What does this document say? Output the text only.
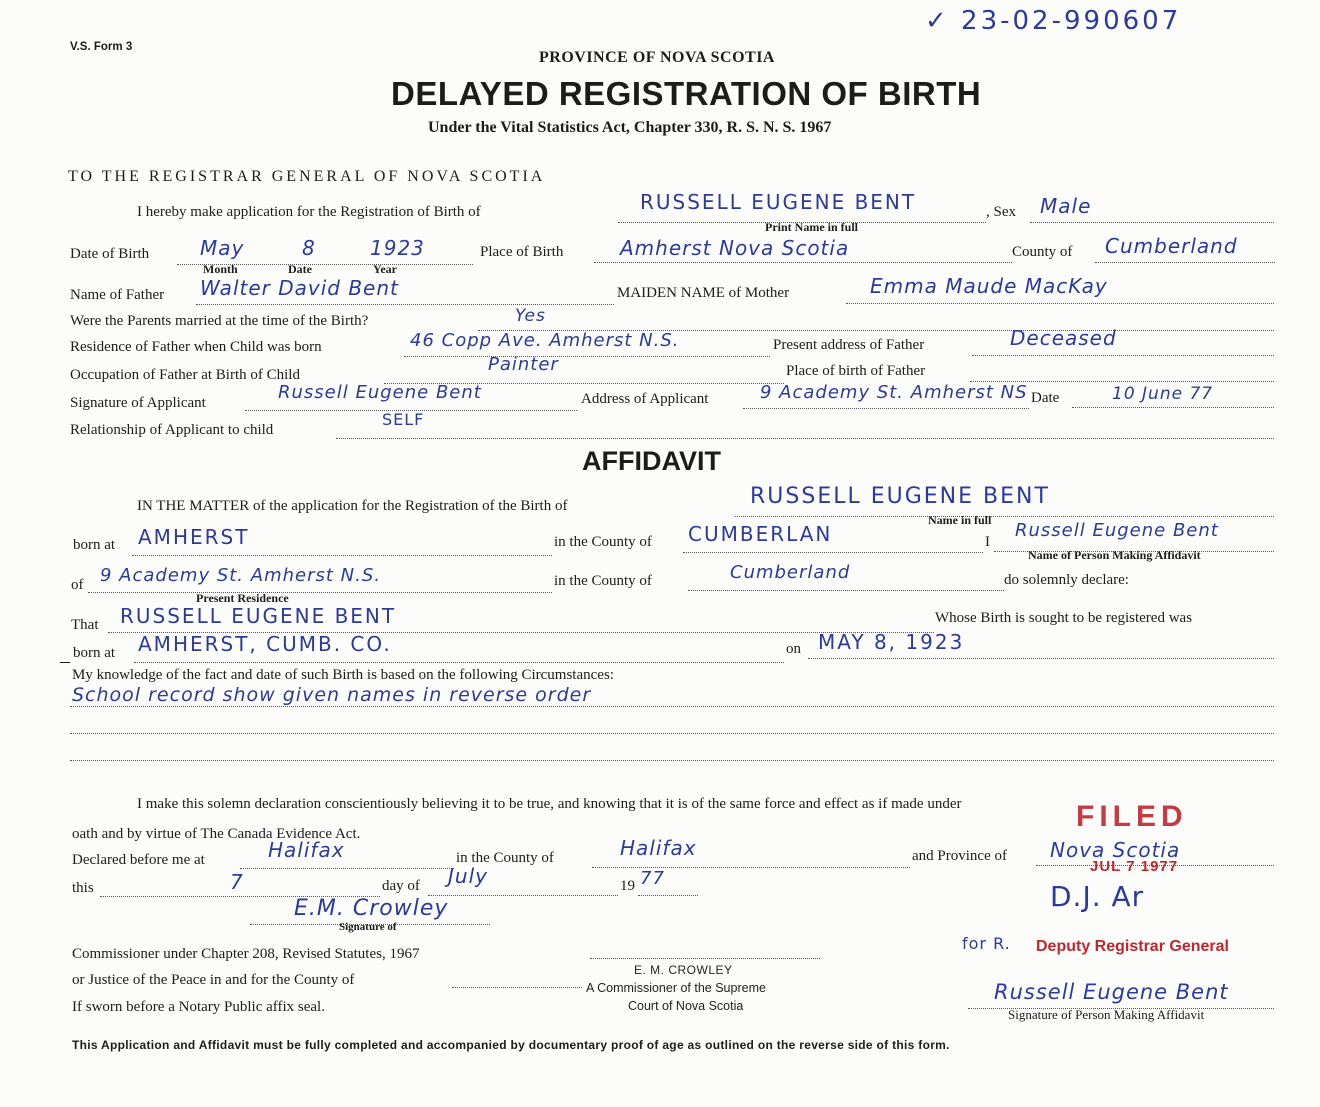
V.S. Form 3
✓ 23-02-990607
PROVINCE OF NOVA SCOTIA
DELAYED REGISTRATION OF BIRTH
Under the Vital Statistics Act, Chapter 330, R. S. N. S. 1967
TO THE REGISTRAR GENERAL OF NOVA SCOTIA
I hereby make application for the Registration of Birth of	RUSSELL EUGENE BENT
Print Name in full
, Sex Male
Date of Birth	May	8	1923
Month	Date	Year
Place of Birth	Amherst Nova Scotia	County of Cumberland
Name of Father Walter David Bent	MAIDEN NAME of Mother	Emma Maude MacKay
Were the Parents married at the time of the Birth?	Yes
Residence of Father when Child was born	46 Copp Ave. Amherst N.S.	Present address of Father	Deceased
Occupation of Father at Birth of Child	Painter	Place of birth of Father
Signature of Applicant	Russell Eugene Bent	Address of Applicant	9 Academy St. Amherst NS Date	10 June 77
Relationship of Applicant to child
SELF
AFFIDAVIT
IN THE MATTER of the application for the Registration of the Birth of	RUSSELL EUGENE BENT
Name in full
born at AMHERST	in the County of CUMBERLAN	I
Russell Eugene Bent
Name of Person Making Affidavit
of 9 Academy St. Amherst N.S.
Present Residence
in the County of	Cumberland	do solemnly declare:
That RUSSELL EUGENE BENT	Whose Birth is sought to be registered was
– born at AMHERST, CUMB. CO.	on MAY 8, 1923
My knowledge of the fact and date of such Birth is based on the following Circumstances:
School record show given names in reverse order
I make this solemn declaration conscientiously believing it to be true, and knowing that it is of the same force and effect as if made under
oath and by virtue of The Canada Evidence Act.
Declared before me at	Halifax	in the County of	Halifax	and Province of Nova Scotia
this	7	day of July	19 77
E.M. Crowley
Signature of
Commissioner under Chapter 208, Revised Statutes, 1967
or Justice of the Peace in and for the County of
If sworn before a Notary Public affix seal.
E. M. CROWLEY
A Commissioner of the Supreme
Court of Nova Scotia
FILED
JUL 7 1977
D.J. Ar
for R. Deputy Registrar General
Russell Eugene Bent
Signature of Person Making Affidavit
This Application and Affidavit must be fully completed and accompanied by documentary proof of age as outlined on the reverse side of this form.
